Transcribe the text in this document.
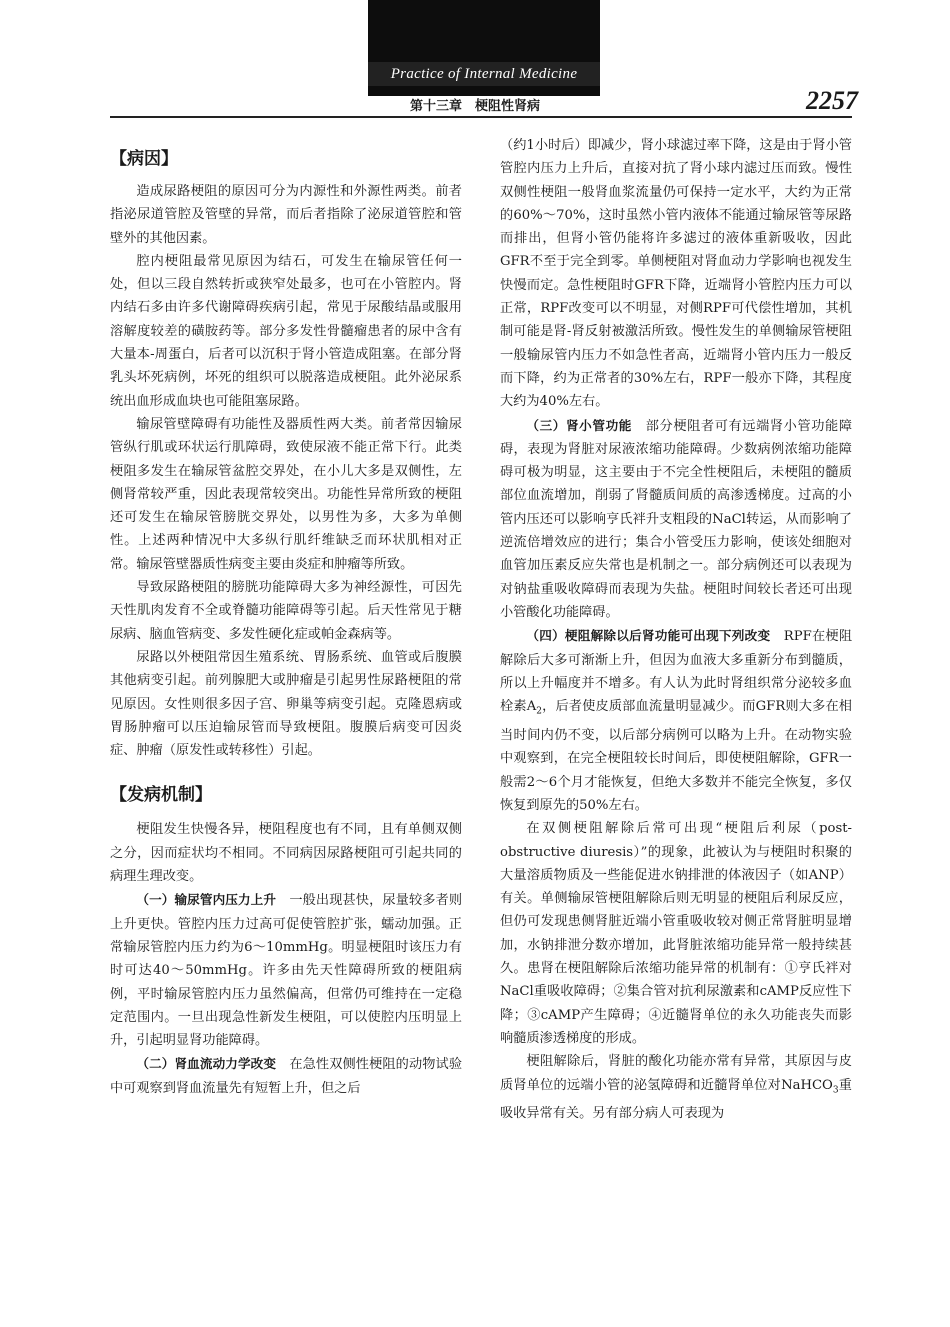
Practice of Internal Medicine
第十三章　梗阻性肾病	2257
【病因】

造成尿路梗阻的原因可分为内源性和外源性两类。前者指泌尿道管腔及管壁的异常，而后者指除了泌尿道管腔和管壁外的其他因素。

腔内梗阻最常见原因为结石，可发生在输尿管任何一处，但以三段自然转折或狭窄处最多，也可在小管腔内。肾内结石多由许多代谢障碍疾病引起，常见于尿酸结晶或服用溶解度较差的磺胺药等。部分多发性骨髓瘤患者的尿中含有大量本-周蛋白，后者可以沉积于肾小管造成阻塞。在部分肾乳头坏死病例，坏死的组织可以脱落造成梗阻。此外泌尿系统出血形成血块也可能阻塞尿路。

输尿管壁障碍有功能性及器质性两大类。前者常因输尿管纵行肌或环状运行肌障碍，致使尿液不能正常下行。此类梗阻多发生在输尿管盆腔交界处，在小儿大多是双侧性，左侧肾常较严重，因此表现常较突出。功能性异常所致的梗阻还可发生在输尿管膀胱交界处，以男性为多，大多为单侧性。上述两种情况中大多纵行肌纤维缺乏而环状肌相对正常。输尿管壁器质性病变主要由炎症和肿瘤等所致。

导致尿路梗阻的膀胱功能障碍大多为神经源性，可因先天性肌肉发育不全或脊髓功能障碍等引起。后天性常见于糖尿病、脑血管病变、多发性硬化症或帕金森病等。

尿路以外梗阻常因生殖系统、胃肠系统、血管或后腹膜其他病变引起。前列腺肥大或肿瘤是引起男性尿路梗阻的常见原因。女性则很多因子宫、卵巢等病变引起。克隆恩病或胃肠肿瘤可以压迫输尿管而导致梗阻。腹膜后病变可因炎症、肿瘤（原发性或转移性）引起。

【发病机制】

梗阻发生快慢各异，梗阻程度也有不同，且有单侧双侧之分，因而症状均不相同。不同病因尿路梗阻可引起共同的病理生理改变。

（一）输尿管内压力上升　 一般出现甚快，尿量较多者则上升更快。管腔内压力过高可促使管腔扩张，蠕动加强。正常输尿管腔内压力约为6～10mmHg。明显梗阻时该压力有时可达40～50mmHg。许多由先天性障碍所致的梗阻病例，平时输尿管腔内压力虽然偏高，但常仍可维持在一定稳定范围内。一旦出现急性新发生梗阻，可以使腔内压明显上升，引起明显肾功能障碍。

（二）肾血流动力学改变　 在急性双侧性梗阻的动物试验中可观察到肾血流量先有短暂上升，但之后

（约1小时后）即减少，肾小球滤过率下降，这是由于肾小管管腔内压力上升后，直接对抗了肾小球内滤过压而致。慢性双侧性梗阻一般肾血浆流量仍可保持一定水平，大约为正常的60%～70%，这时虽然小管内液体不能通过输尿管等尿路而排出，但肾小管仍能将许多滤过的液体重新吸收，因此GFR不至于完全到零。单侧梗阻对肾血动力学影响也视发生快慢而定。急性梗阻时GFR下降，近端肾小管腔内压力可以正常，RPF改变可以不明显，对侧RPF可代偿性增加，其机制可能是肾-肾反射被激活所致。慢性发生的单侧输尿管梗阻一般输尿管内压力不如急性者高，近端肾小管内压力一般反而下降，约为正常者的30%左右，RPF一般亦下降，其程度大约为40%左右。

（三）肾小管功能　 部分梗阻者可有远端肾小管功能障碍，表现为肾脏对尿液浓缩功能障碍。少数病例浓缩功能障碍可极为明显，这主要由于不完全性梗阻后，未梗阻的髓质部位血流增加，削弱了肾髓质间质的高渗透梯度。过高的小管内压还可以影响亨氏袢升支粗段的NaCl转运，从而影响了逆流倍增效应的进行；集合小管受压力影响，使该处细胞对血管加压素反应失常也是机制之一。部分病例还可以表现为对钠盐重吸收障碍而表现为失盐。梗阻时间较长者还可出现小管酸化功能障碍。

（四）梗阻解除以后肾功能可出现下列改变　 RPF在梗阻解除后大多可渐渐上升，但因为血液大多重新分布到髓质，所以上升幅度并不增多。有人认为此时肾组织常分泌较多血栓素$A_2$，后者使皮质部血流量明显减少。而GFR则大多在相当时间内仍不变，以后部分病例可以略为上升。在动物实验中观察到，在完全梗阻较长时间后，即使梗阻解除，GFR一般需2～6个月才能恢复，但绝大多数并不能完全恢复，多仅恢复到原先的50%左右。

在双侧梗阻解除后常可出现“梗阻后利尿（post-obstructive diuresis）”的现象，此被认为与梗阻时积聚的大量溶质物质及一些能促进水钠排泄的体液因子（如ANP）有关。单侧输尿管梗阻解除后则无明显的梗阻后利尿反应，但仍可发现患侧肾脏近端小管重吸收较对侧正常肾脏明显增加，水钠排泄分数亦增加，此肾脏浓缩功能异常一般持续甚久。患肾在梗阻解除后浓缩功能异常的机制有：①亨氏袢对NaCl重吸收障碍；②集合管对抗利尿激素和cAMP反应性下降；③cAMP产生障碍；④近髓肾单位的永久功能丧失而影响髓质渗透梯度的形成。

梗阻解除后，肾脏的酸化功能亦常有异常，其原因与皮质肾单位的远端小管的泌氢障碍和近髓肾单位对NaHCO$_3$重吸收异常有关。另有部分病人可表现为
